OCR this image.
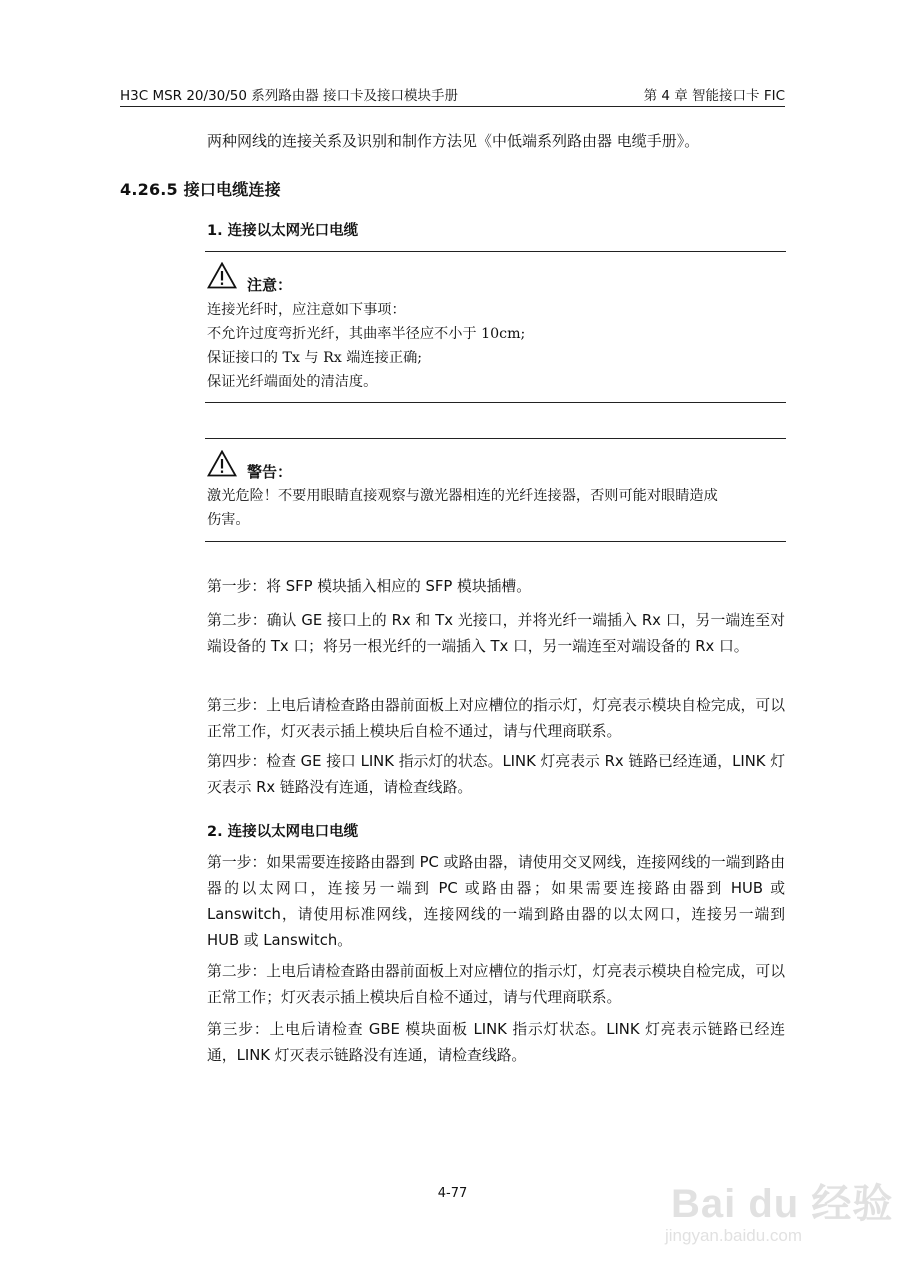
H3C MSR 20/30/50 系列路由器 接口卡及接口模块手册	第 4 章 智能接口卡 FIC
两种网线的连接关系及识别和制作方法见《中低端系列路由器 电缆手册》。
4.26.5 接口电缆连接
1. 连接以太网光口电缆
注意：
连接光纤时，应注意如下事项：
不允许过度弯折光纤，其曲率半径应不小于 10cm;
保证接口的 Tx 与 Rx 端连接正确;
保证光纤端面处的清洁度。
警告：
激光危险！不要用眼睛直接观察与激光器相连的光纤连接器，否则可能对眼睛造成
伤害。
第一步：将 SFP 模块插入相应的 SFP 模块插槽。
第二步：确认 GE 接口上的 Rx 和 Tx 光接口，并将光纤一端插入 Rx 口，另一端连至对端设备的 Tx 口；将另一根光纤的一端插入 Tx 口，另一端连至对端设备的 Rx 口。
第三步：上电后请检查路由器前面板上对应槽位的指示灯，灯亮表示模块自检完成，可以正常工作，灯灭表示插上模块后自检不通过，请与代理商联系。
第四步：检查 GE 接口 LINK 指示灯的状态。LINK 灯亮表示 Rx 链路已经连通，LINK 灯灭表示 Rx 链路没有连通，请检查线路。
2. 连接以太网电口电缆
第一步：如果需要连接路由器到 PC 或路由器，请使用交叉网线，连接网线的一端到路由器的以太网口，连接另一端到 PC 或路由器；如果需要连接路由器到 HUB 或 Lanswitch，请使用标准网线，连接网线的一端到路由器的以太网口，连接另一端到 HUB 或 Lanswitch。
第二步：上电后请检查路由器前面板上对应槽位的指示灯，灯亮表示模块自检完成，可以正常工作；灯灭表示插上模块后自检不通过，请与代理商联系。
第三步：上电后请检查 GBE 模块面板 LINK 指示灯状态。LINK 灯亮表示链路已经连通，LINK 灯灭表示链路没有连通，请检查线路。
4-77	Bai du 经验
jingyan.baidu.com
